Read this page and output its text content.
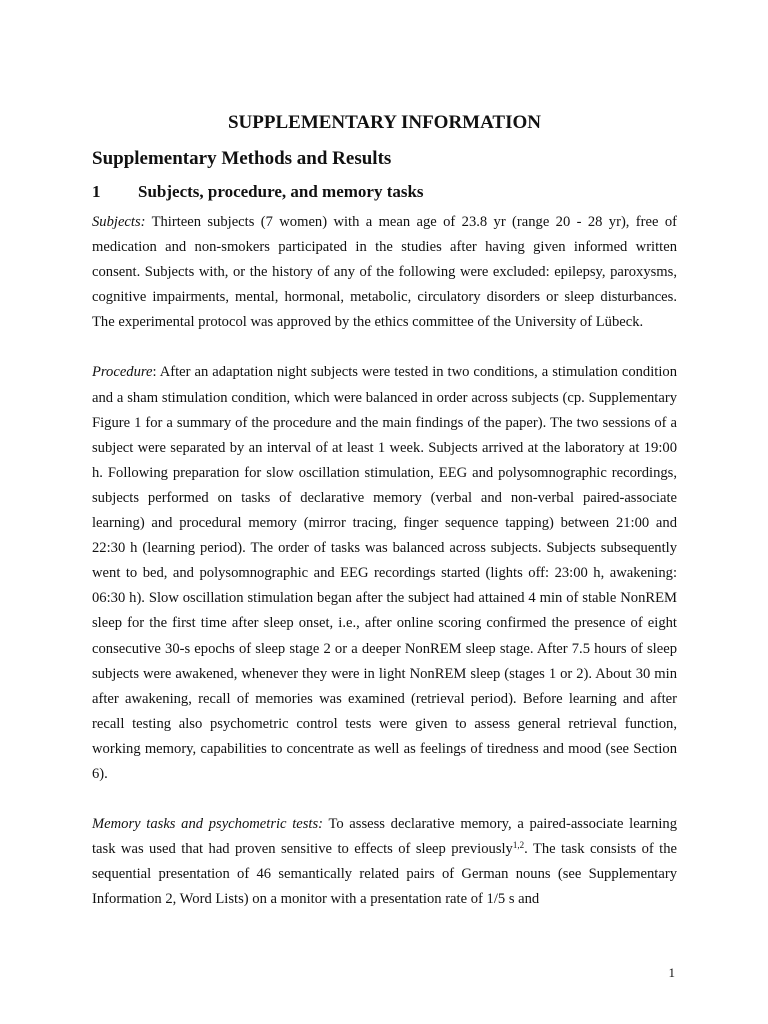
SUPPLEMENTARY INFORMATION
Supplementary Methods and Results
1	Subjects, procedure, and memory tasks

Subjects: Thirteen subjects (7 women) with a mean age of 23.8 yr (range 20 - 28 yr), free of medication and non-smokers participated in the studies after having given informed written consent. Subjects with, or the history of any of the following were excluded: epilepsy, paroxysms, cognitive impairments, mental, hormonal, metabolic, circulatory disorders or sleep disturbances. The experimental protocol was approved by the ethics committee of the University of Lübeck.

Procedure: After an adaptation night subjects were tested in two conditions, a stimulation condition and a sham stimulation condition, which were balanced in order across subjects (cp. Supplementary Figure 1 for a summary of the procedure and the main findings of the paper). The two sessions of a subject were separated by an interval of at least 1 week. Subjects arrived at the laboratory at 19:00 h. Following preparation for slow oscillation stimulation, EEG and polysomnographic recordings, subjects performed on tasks of declarative memory (verbal and non-verbal paired-associate learning) and procedural memory (mirror tracing, finger sequence tapping) between 21:00 and 22:30 h (learning period). The order of tasks was balanced across subjects. Subjects subsequently went to bed, and polysomnographic and EEG recordings started (lights off: 23:00 h, awakening: 06:30 h). Slow oscillation stimulation began after the subject had attained 4 min of stable NonREM sleep for the first time after sleep onset, i.e., after online scoring confirmed the presence of eight consecutive 30-s epochs of sleep stage 2 or a deeper NonREM sleep stage. After 7.5 hours of sleep subjects were awakened, whenever they were in light NonREM sleep (stages 1 or 2). About 30 min after awakening, recall of memories was examined (retrieval period). Before learning and after recall testing also psychometric control tests were given to assess general retrieval function, working memory, capabilities to concentrate as well as feelings of tiredness and mood (see Section 6).

Memory tasks and psychometric tests: To assess declarative memory, a paired-associate learning task was used that had proven sensitive to effects of sleep previously$^{1,2}$. The task consists of the sequential presentation of 46 semantically related pairs of German nouns (see Supplementary Information 2, Word Lists) on a monitor with a presentation rate of 1/5 s and

1
